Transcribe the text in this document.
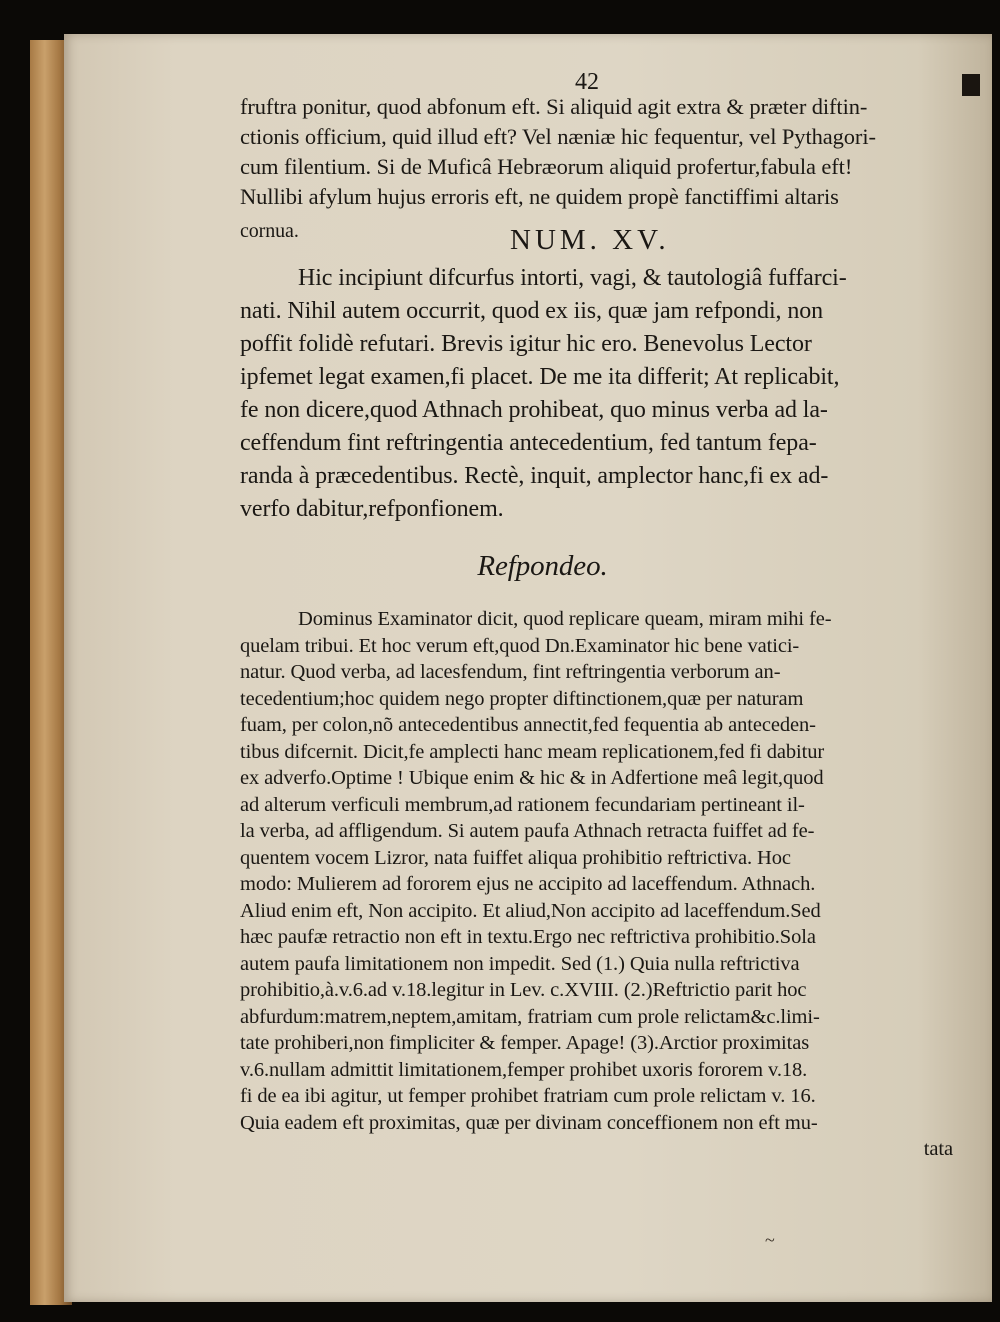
42
fruftra ponitur, quod abfonum eft. Si aliquid agit extra & præter diftin-
ctionis officium, quid illud eft? Vel næniæ hic fequentur, vel Pythagori-
cum filentium. Si de Muficâ Hebræorum aliquid profertur,fabula eft!
Nullibi afylum hujus erroris eft, ne quidem propè fanctiffimi altaris
cornua.	NUM. XV.
Hic incipiunt difcurfus intorti, vagi, & tautologiâ fuffarci-
nati. Nihil autem occurrit, quod ex iis, quæ jam refpondi, non
poffit folidè refutari. Brevis igitur hic ero. Benevolus Lector
ipfemet legat examen,fi placet. De me ita differit; At replicabit,
fe non dicere,quod Athnach prohibeat, quo minus verba ad la-
ceffendum fint reftringentia antecedentium, fed tantum fepa-
randa à præcedentibus. Rectè, inquit, amplector hanc,fi ex ad-
verfo dabitur,refponfionem.
Refpondeo.
Dominus Examinator dicit, quod replicare queam, miram mihi fe-
quelam tribui. Et hoc verum eft,quod Dn.Examinator hic bene vatici-
natur. Quod verba, ad lacesfendum, fint reftringentia verborum an-
tecedentium;hoc quidem nego propter diftinctionem,quæ per naturam
fuam, per colon,nõ antecedentibus annectit,fed fequentia ab anteceden-
tibus difcernit. Dicit,fe amplecti hanc meam replicationem,fed fi dabitur
ex adverfo.Optime ! Ubique enim & hic & in Adfertione meâ legit,quod
ad alterum verficuli membrum,ad rationem fecundariam pertineant il-
la verba, ad affligendum. Si autem paufa Athnach retracta fuiffet ad fe-
quentem vocem Lizror, nata fuiffet aliqua prohibitio reftrictiva. Hoc
modo: Mulierem ad fororem ejus ne accipito ad laceffendum. Athnach.
Aliud enim eft, Non accipito. Et aliud,Non accipito ad laceffendum.Sed
hæc paufæ retractio non eft in textu.Ergo nec reftrictiva prohibitio.Sola
autem paufa limitationem non impedit. Sed (1.) Quia nulla reftrictiva
prohibitio,à.v.6.ad v.18.legitur in Lev. c.XVIII. (2.)Reftrictio parit hoc
abfurdum:matrem,neptem,amitam, fratriam cum prole relictam&c.limi-
tate prohiberi,non fimpliciter & femper. Apage! (3).Arctior proximitas
v.6.nullam admittit limitationem,femper prohibet uxoris fororem v.18.
fi de ea ibi agitur, ut femper prohibet fratriam cum prole relictam v. 16.
Quia eadem eft proximitas, quæ per divinam conceffionem non eft mu-
tata
~
